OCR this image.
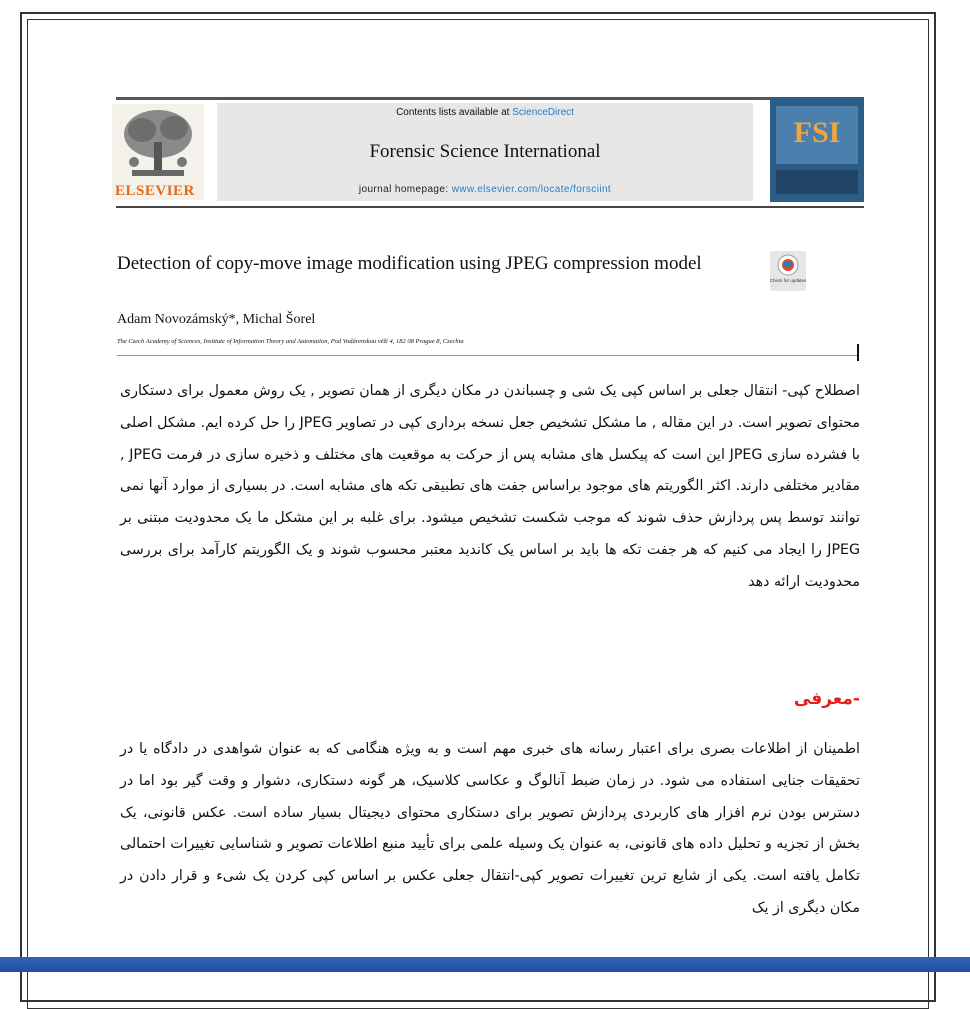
ELSEVIER
Contents lists available at ScienceDirect
Forensic Science International
journal homepage: www.elsevier.com/locate/forsciint
FSI
Detection of copy-move image modification using JPEG compression model
Check for updates
Adam Novozámský*, Michal Šorel
The Czech Academy of Sciences, Institute of Information Theory and Automation, Pod Vodárenskou věží 4, 182 08 Prague 8, Czechia
اصطلاح کپی- انتقال جعلی بر اساس کپی یک شی و چسباندن در مکان دیگری از همان تصویر , یک روش معمول برای دستکاری محتوای تصویر است. در این مقاله , ما مشکل تشخیص جعل نسخه برداری کپی در تصاویر JPEG را حل کرده ایم. مشکل اصلی با فشرده سازی JPEG این است که پیکسل های مشابه پس از حرکت به موقعیت های مختلف و ذخیره سازی در فرمت JPEG , مقادیر مختلفی دارند. اکثر الگوریتم های موجود براساس جفت های تطبیقی تکه های مشابه است. در بسیاری از موارد آنها نمی توانند توسط پس پردازش حذف شوند که موجب شکست تشخیص میشود. برای غلبه بر این مشکل ما یک محدودیت مبتنی بر JPEG را ایجاد می کنیم که هر جفت تکه ها باید بر اساس یک کاندید معتبر محسوب شوند و یک الگوریتم کارآمد برای بررسی محدودیت ارائه دهد
-معرفی
اطمینان از اطلاعات بصری برای اعتبار رسانه های خبری مهم است و به ویژه هنگامی که به عنوان شواهدی در دادگاه یا در تحقیقات جنایی استفاده می شود. در زمان ضبط آنالوگ و عکاسی کلاسیک، هر گونه دستکاری، دشوار و وقت گیر بود اما در دسترس بودن نرم افزار های کاربردی پردازش تصویر برای دستکاری محتوای دیجیتال بسیار ساده است. عکس قانونی، یک بخش از تجزیه و تحلیل داده های قانونی، به عنوان یک وسیله علمی برای تأیید منبع اطلاعات تصویر و شناسایی تغییرات احتمالی تکامل یافته است. یکی از شایع ترین تغییرات تصویر کپی-انتقال جعلی عکس بر اساس کپی کردن یک شیء و قرار دادن در مکان دیگری از یک
